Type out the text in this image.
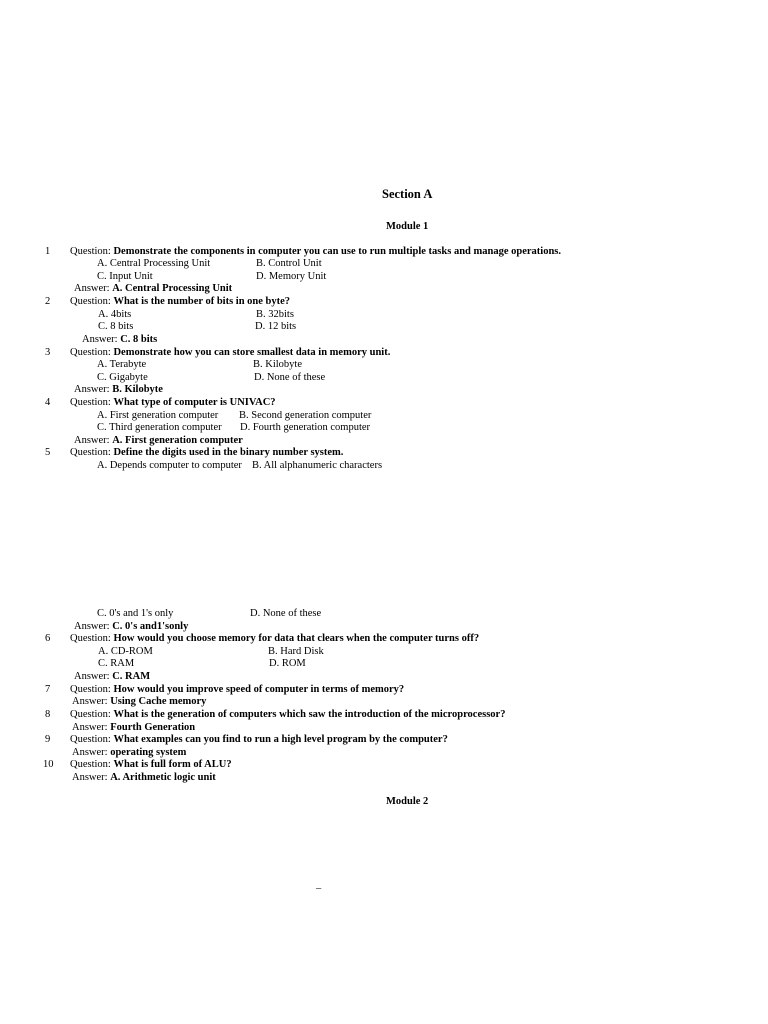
Section A
Module 1
1 Question: Demonstrate the components in computer you can use to run multiple tasks and manage operations.
A. Central Processing Unit	B. Control Unit
C. Input Unit	D. Memory Unit
Answer: A. Central Processing Unit
2 Question: What is the number of bits in one byte?
A. 4bits	B. 32bits
C. 8 bits	D. 12 bits
Answer: C. 8 bits
3 Question: Demonstrate how you can store smallest data in memory unit.
A. Terabyte	B. Kilobyte
C. Gigabyte	D. None of these
Answer: B. Kilobyte
4 Question: What type of computer is UNIVAC?
A. First generation computer B. Second generation computer
C. Third generation computer D. Fourth generation computer
Answer: A. First generation computer
5 Question: Define the digits used in the binary number system.
A. Depends computer to computer B. All alphanumeric characters
C. 0's and 1's only	D. None of these
Answer: C. 0's and1'sonly
6 Question: How would you choose memory for data that clears when the computer turns off?
A. CD-ROM	B. Hard Disk
C. RAM	D. ROM
Answer: C. RAM
7 Question: How would you improve speed of computer in terms of memory?
Answer: Using Cache memory
8 Question: What is the generation of computers which saw the introduction of the microprocessor?
Answer: Fourth Generation
9 Question: What examples can you find to run a high level program by the computer?
Answer: operating system
10 Question: What is full form of ALU?
Answer: A. Arithmetic logic unit
Module 2
–
